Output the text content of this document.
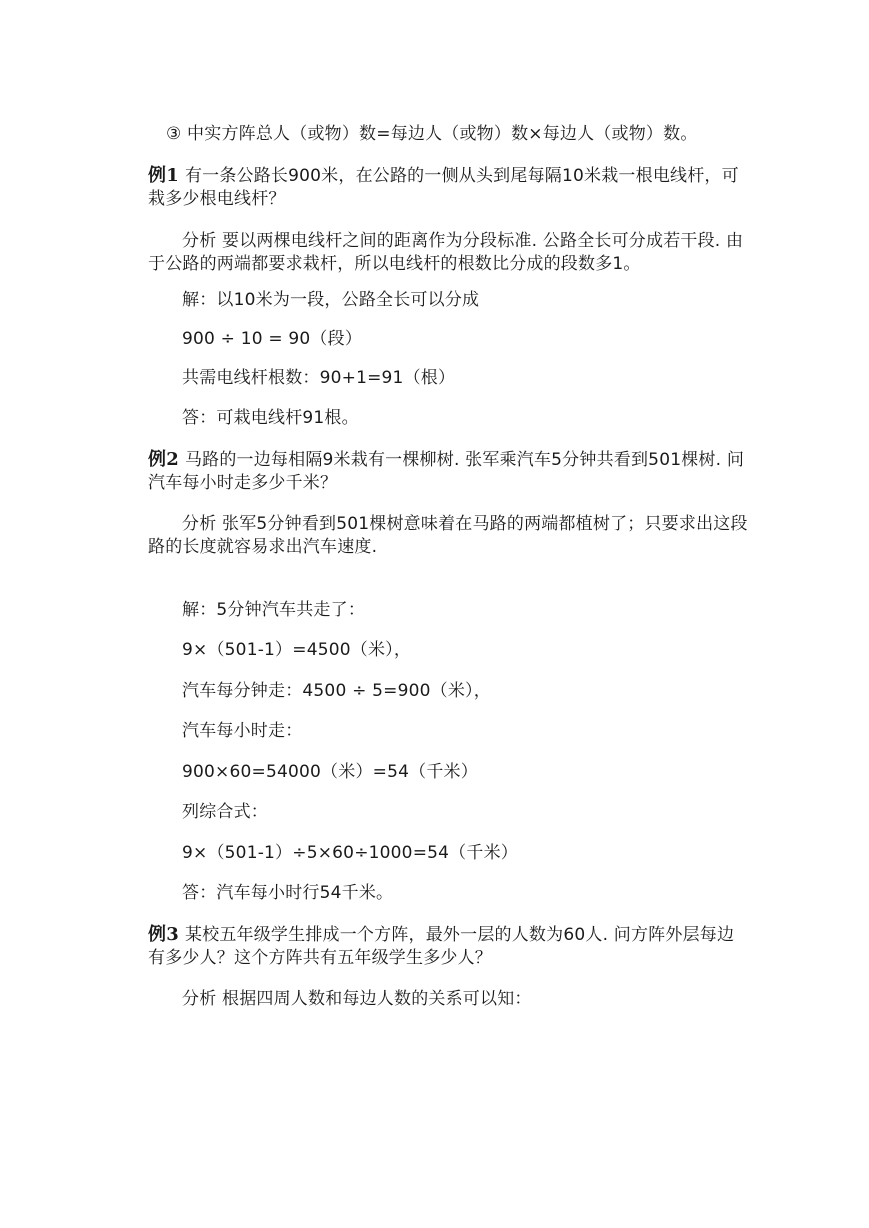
③ 中实方阵总人（或物）数=每边人（或物）数×每边人（或物）数。
例1 有一条公路长900米，在公路的一侧从头到尾每隔10米栽一根电线杆，可
栽多少根电线杆？
分析 要以两棵电线杆之间的距离作为分段标准. 公路全长可分成若干段. 由
于公路的两端都要求栽杆，所以电线杆的根数比分成的段数多1。
解：以10米为一段，公路全长可以分成
900 ÷ 10 = 90（段）
共需电线杆根数：90+1=91（根）
答：可栽电线杆91根。
例2 马路的一边每相隔9米栽有一棵柳树. 张军乘汽车5分钟共看到501棵树. 问
汽车每小时走多少千米？
分析 张军5分钟看到501棵树意味着在马路的两端都植树了；只要求出这段
路的长度就容易求出汽车速度.
解：5分钟汽车共走了：
9×（501-1）=4500（米），
汽车每分钟走：4500 ÷ 5=900（米），
汽车每小时走：
900×60=54000（米）=54（千米）
列综合式：
9×（501-1）÷5×60÷1000=54（千米）
答：汽车每小时行54千米。
例3 某校五年级学生排成一个方阵，最外一层的人数为60人. 问方阵外层每边
有多少人？这个方阵共有五年级学生多少人？
分析 根据四周人数和每边人数的关系可以知：
